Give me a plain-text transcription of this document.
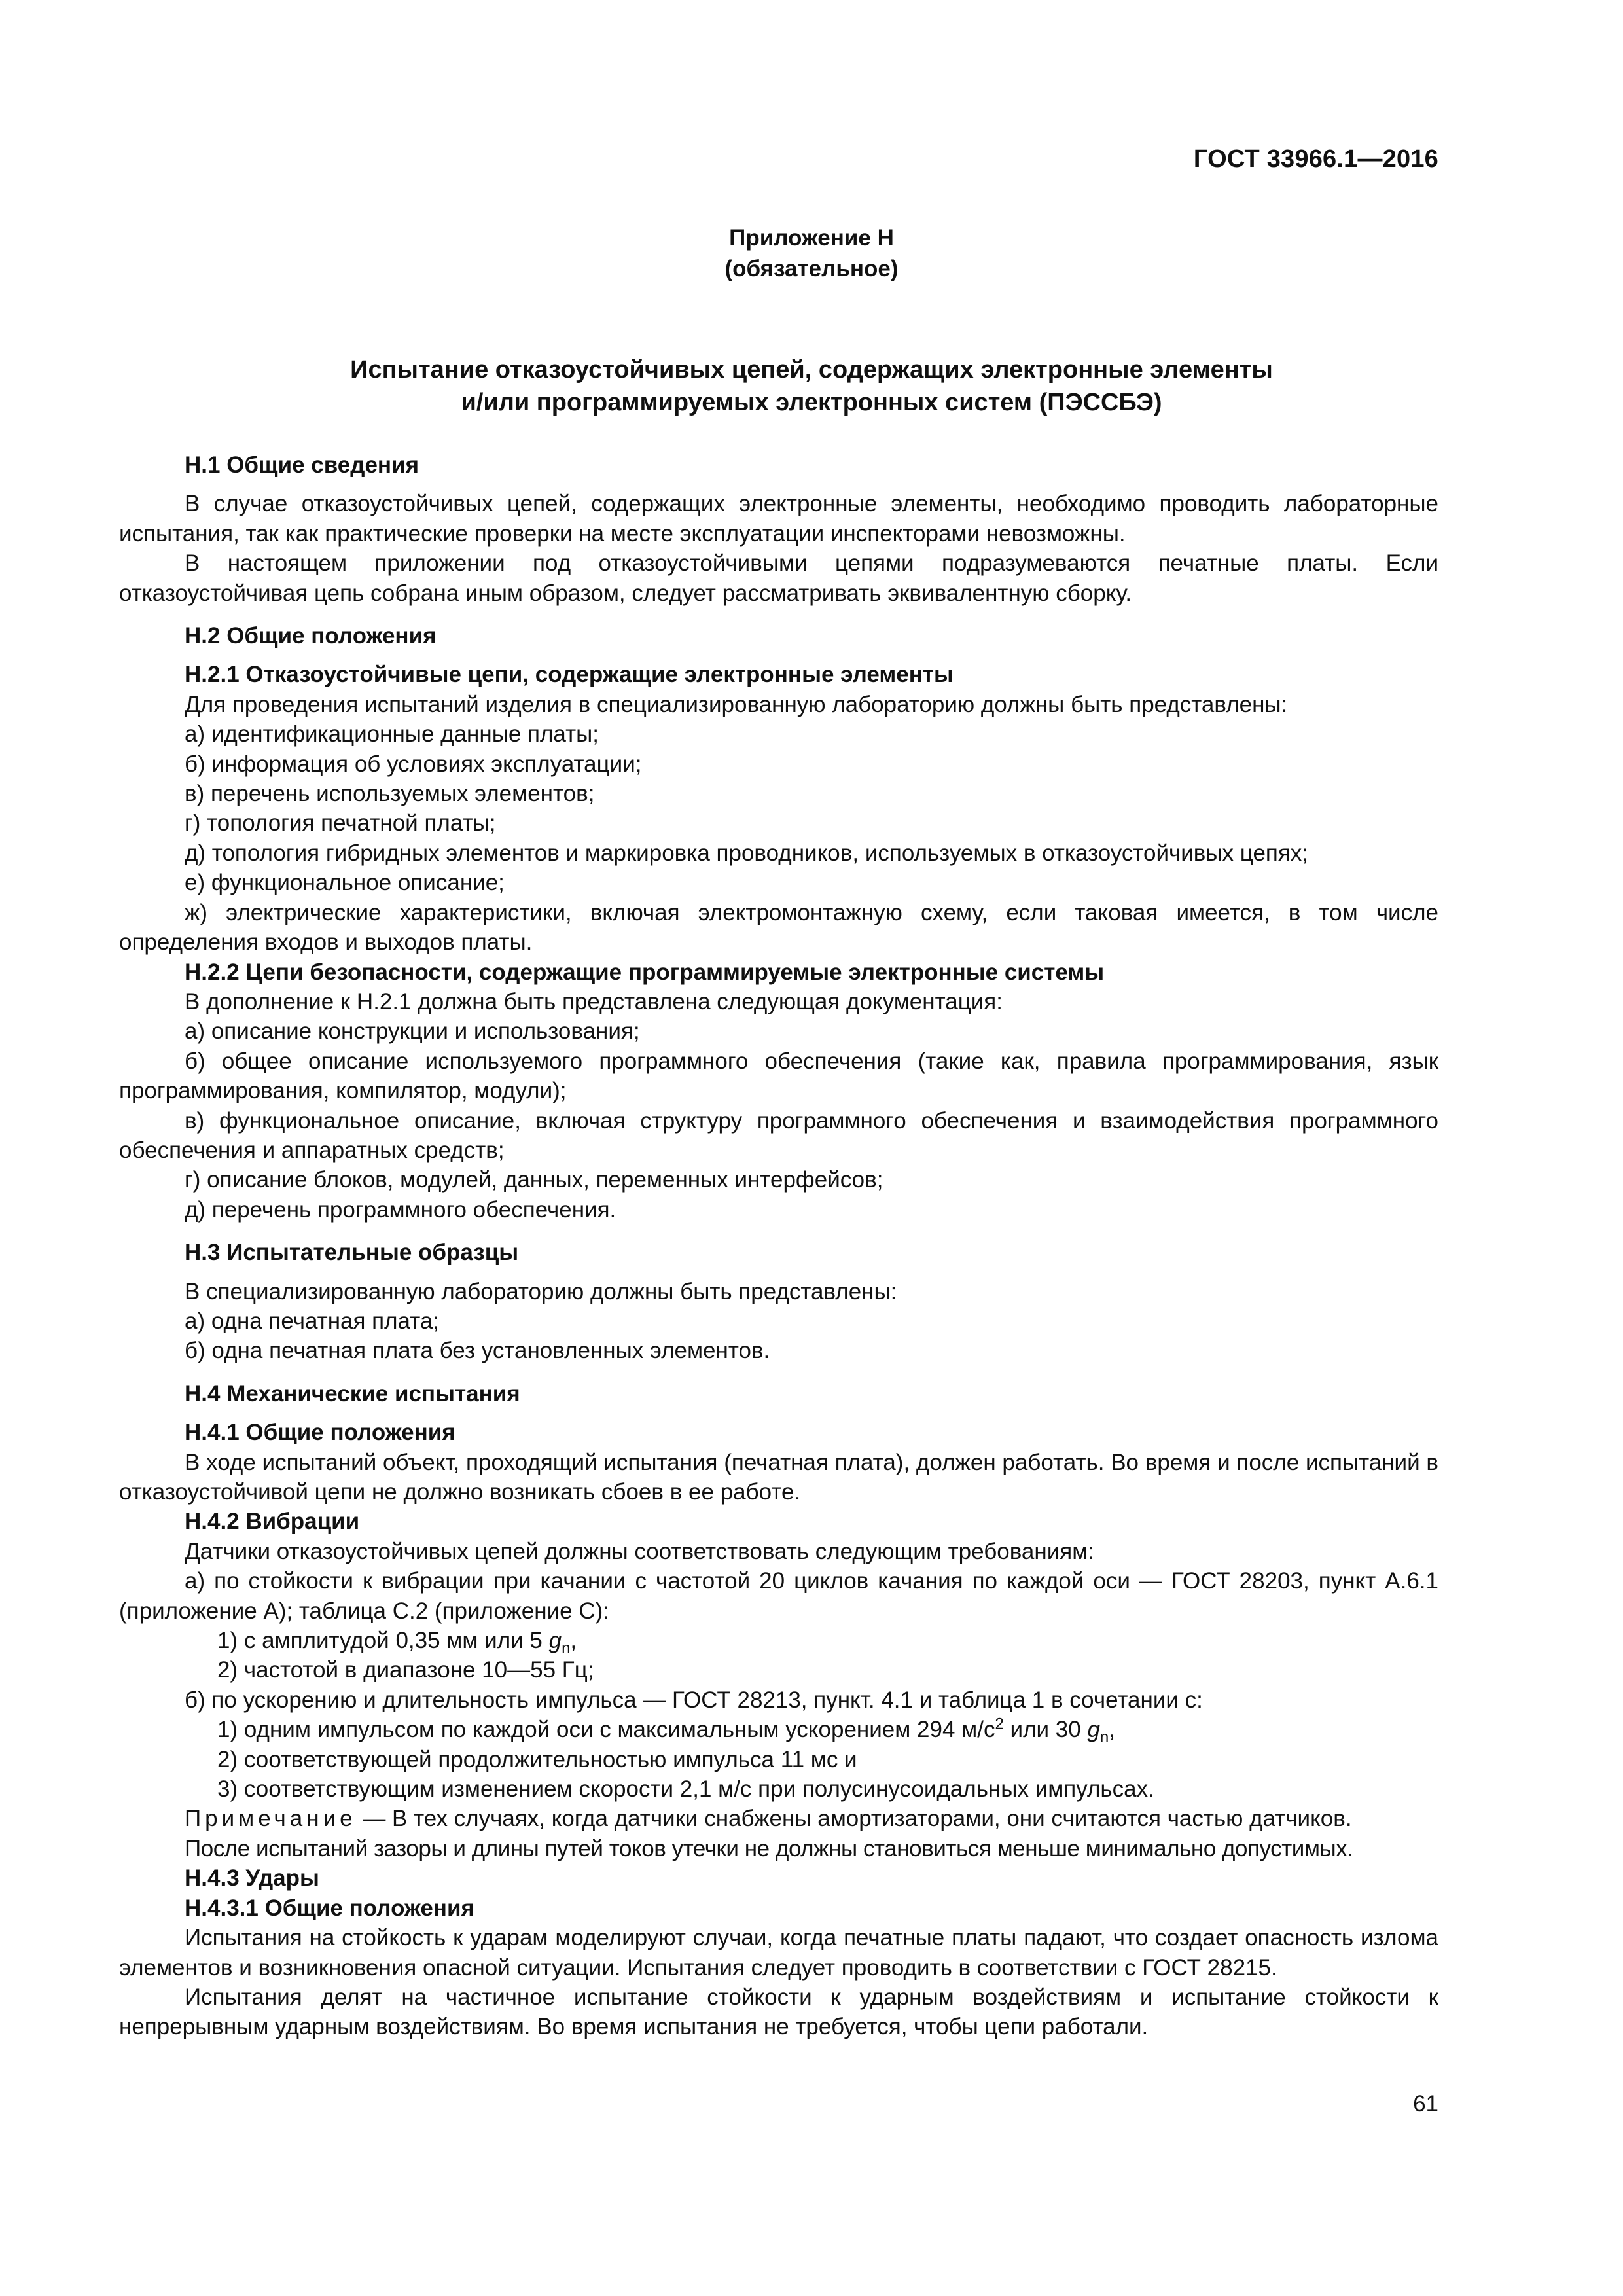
ГОСТ 33966.1—2016
Приложение Н
(обязательное)
Испытание отказоустойчивых цепей, содержащих электронные элементы
и/или программируемых электронных систем (ПЭССБЭ)

Н.1 Общие сведения

В случае отказоустойчивых цепей, содержащих электронные элементы, необходимо проводить лабораторные испытания, так как практические проверки на месте эксплуатации инспекторами невозможны.

В настоящем приложении под отказоустойчивыми цепями подразумеваются печатные платы. Если отказоустойчивая цепь собрана иным образом, следует рассматривать эквивалентную сборку.

Н.2 Общие положения

Н.2.1 Отказоустойчивые цепи, содержащие электронные элементы

Для проведения испытаний изделия в специализированную лабораторию должны быть представлены:

а) идентификационные данные платы;

б) информация об условиях эксплуатации;

в) перечень используемых элементов;

г) топология печатной платы;

д) топология гибридных элементов и маркировка проводников, используемых в отказоустойчивых цепях;

е) функциональное описание;

ж) электрические характеристики, включая электромонтажную схему, если таковая имеется, в том числе определения входов и выходов платы.

Н.2.2 Цепи безопасности, содержащие программируемые электронные системы

В дополнение к Н.2.1 должна быть представлена следующая документация:

а) описание конструкции и использования;

б) общее описание используемого программного обеспечения (такие как, правила программирования, язык программирования, компилятор, модули);

в) функциональное описание, включая структуру программного обеспечения и взаимодействия программного обеспечения и аппаратных средств;

г) описание блоков, модулей, данных, переменных интерфейсов;

д) перечень программного обеспечения.

Н.3 Испытательные образцы

В специализированную лабораторию должны быть представлены:

а) одна печатная плата;

б) одна печатная плата без установленных элементов.

Н.4 Механические испытания

Н.4.1 Общие положения

В ходе испытаний объект, проходящий испытания (печатная плата), должен работать. Во время и после испытаний в отказоустойчивой цепи не должно возникать сбоев в ее работе.

Н.4.2 Вибрации

Датчики отказоустойчивых цепей должны соответствовать следующим требованиям:

а) по стойкости к вибрации при качании с частотой 20 циклов качания по каждой оси — ГОСТ 28203, пункт А.6.1 (приложение А); таблица С.2 (приложение С):

1) с амплитудой 0,35 мм или 5 $g_n$,

2) частотой в диапазоне 10—55 Гц;

б) по ускорению и длительность импульса — ГОСТ 28213, пункт. 4.1 и таблица 1 в сочетании с:

1) одним импульсом по каждой оси с максимальным ускорением 294 $м/с^2$ или 30 $g_n$,

2) соответствующей продолжительностью импульса 11 мс и

3) соответствующим изменением скорости 2,1 м/с при полусинусоидальных импульсах.

Примечание — В тех случаях, когда датчики снабжены амортизаторами, они считаются частью датчиков.

После испытаний зазоры и длины путей токов утечки не должны становиться меньше минимально допустимых.

Н.4.3 Удары

Н.4.3.1 Общие положения

Испытания на стойкость к ударам моделируют случаи, когда печатные платы падают, что создает опасность излома элементов и возникновения опасной ситуации. Испытания следует проводить в соответствии с ГОСТ 28215.

Испытания делят на частичное испытание стойкости к ударным воздействиям и испытание стойкости к непрерывным ударным воздействиям. Во время испытания не требуется, чтобы цепи работали.

61
